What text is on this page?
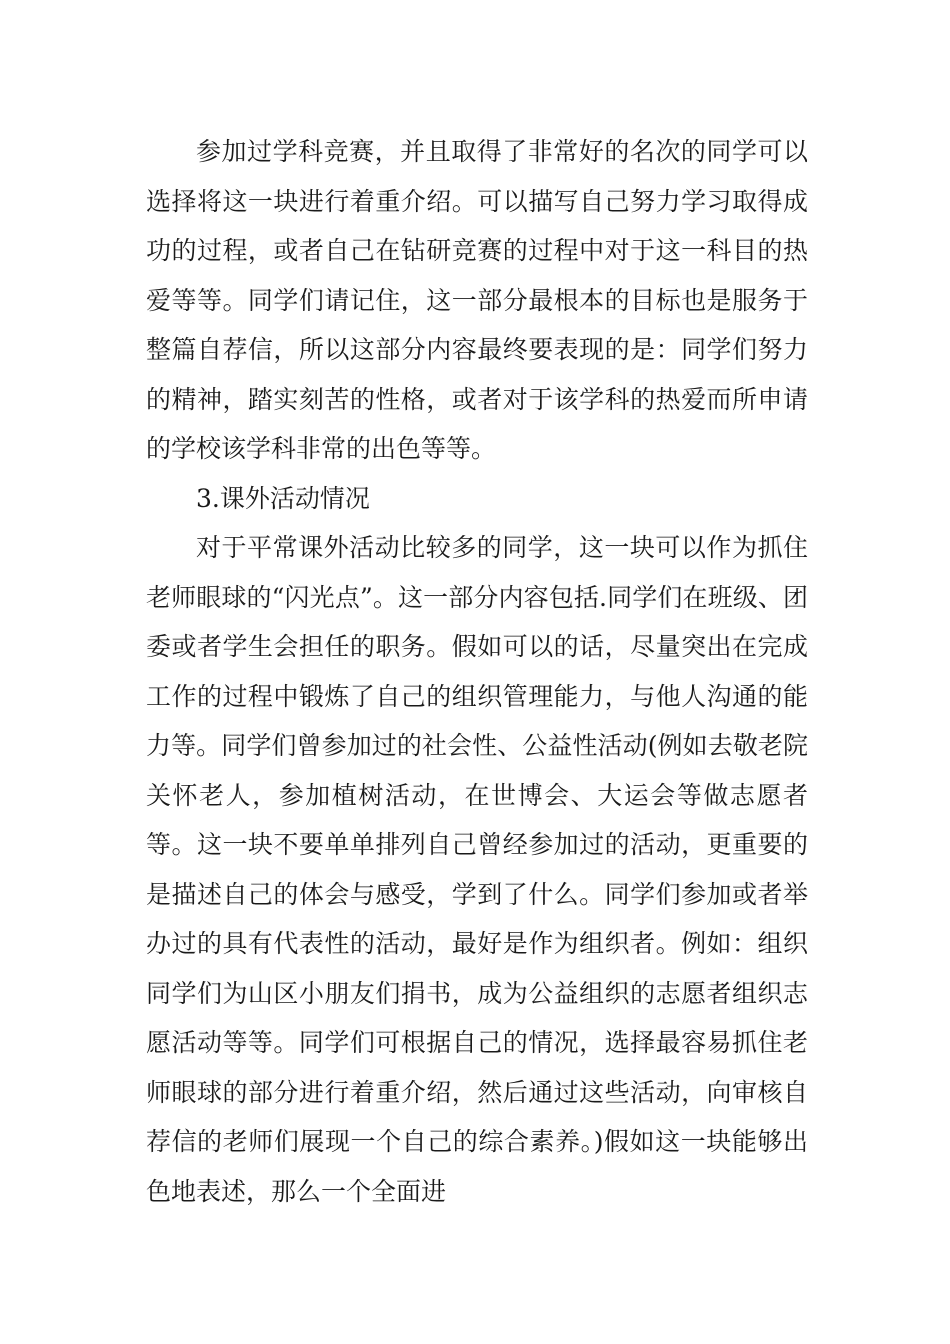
参加过学科竞赛，并且取得了非常好的名次的同学可以选择将这一块进行着重介绍。可以描写自己努力学习取得成功的过程，或者自己在钻研竞赛的过程中对于这一科目的热爱等等。同学们请记住，这一部分最根本的目标也是服务于整篇自荐信，所以这部分内容最终要表现的是：同学们努力的精神，踏实刻苦的性格，或者对于该学科的热爱而所申请的学校该学科非常的出色等等。

3.课外活动情况

对于平常课外活动比较多的同学，这一块可以作为抓住老师眼球的“闪光点”。这一部分内容包括.同学们在班级、团委或者学生会担任的职务。假如可以的话，尽量突出在完成工作的过程中锻炼了自己的组织管理能力，与他人沟通的能力等。同学们曾参加过的社会性、公益性活动(例如去敬老院关怀老人，参加植树活动，在世博会、大运会等做志愿者等。这一块不要单单排列自己曾经参加过的活动，更重要的是描述自己的体会与感受，学到了什么。同学们参加或者举办过的具有代表性的活动，最好是作为组织者。例如：组织同学们为山区小朋友们捐书，成为公益组织的志愿者组织志愿活动等等。同学们可根据自己的情况，选择最容易抓住老师眼球的部分进行着重介绍，然后通过这些活动，向审核自荐信的老师们展现一个自己的综合素养。)假如这一块能够出色地表述，那么一个全面进
